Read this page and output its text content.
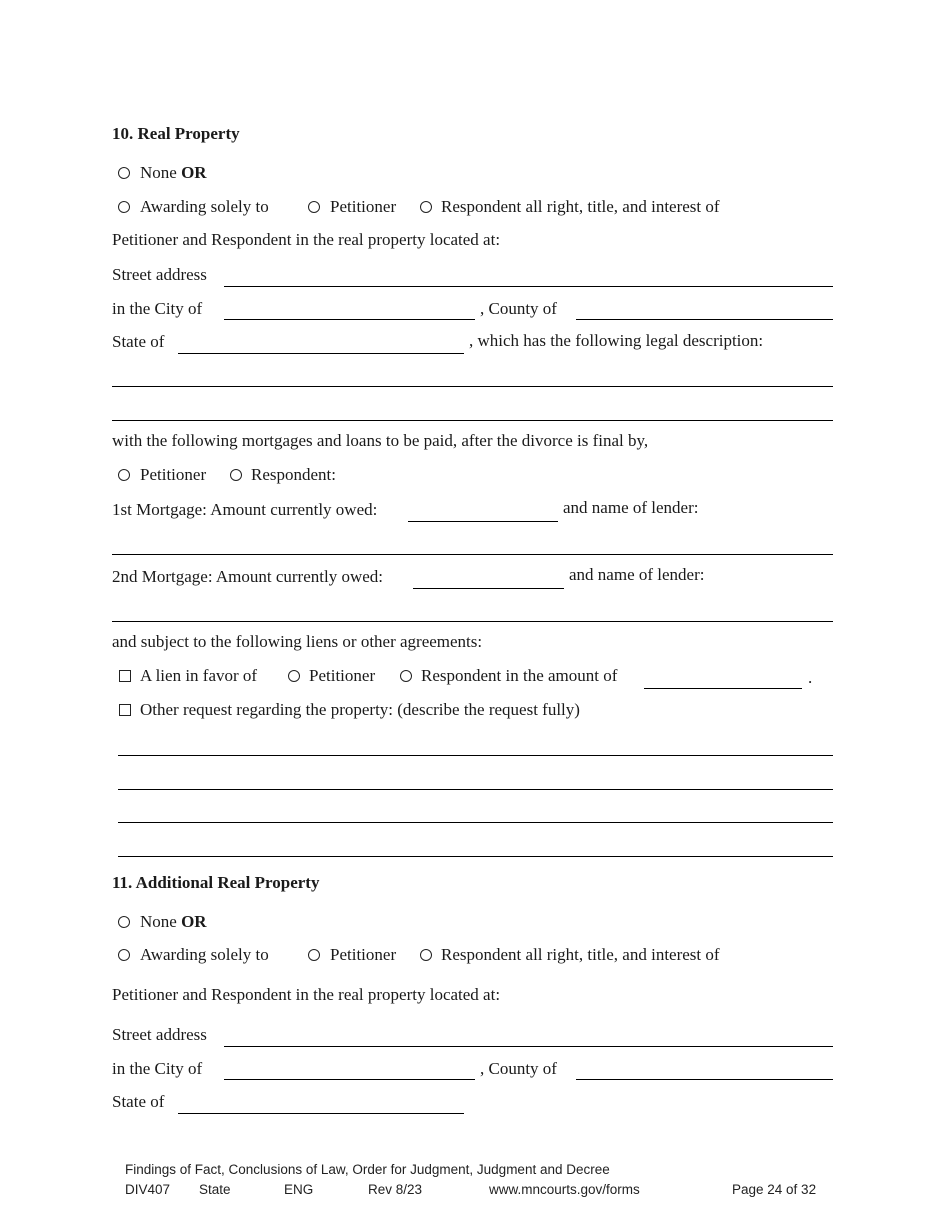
10. Real Property
None OR
Awarding solely to	Petitioner	Respondent all right, title, and interest of
Petitioner and Respondent in the real property located at:
Street address
in the City of	, County of
State of	, which has the following legal description:
with the following mortgages and loans to be paid, after the divorce is final by,
Petitioner	Respondent:
1st Mortgage: Amount currently owed:	and name of lender:
2nd Mortgage: Amount currently owed:	and name of lender:
and subject to the following liens or other agreements:
A lien in favor of	Petitioner	Respondent in the amount of	.
Other request regarding the property: (describe the request fully)
11. Additional Real Property
None OR
Awarding solely to	Petitioner	Respondent all right, title, and interest of
Petitioner and Respondent in the real property located at:
Street address
in the City of	, County of
State of
Findings of Fact, Conclusions of Law, Order for Judgment, Judgment and Decree
DIV407 State	ENG	Rev 8/23	www.mncourts.gov/forms	Page 24 of 32
